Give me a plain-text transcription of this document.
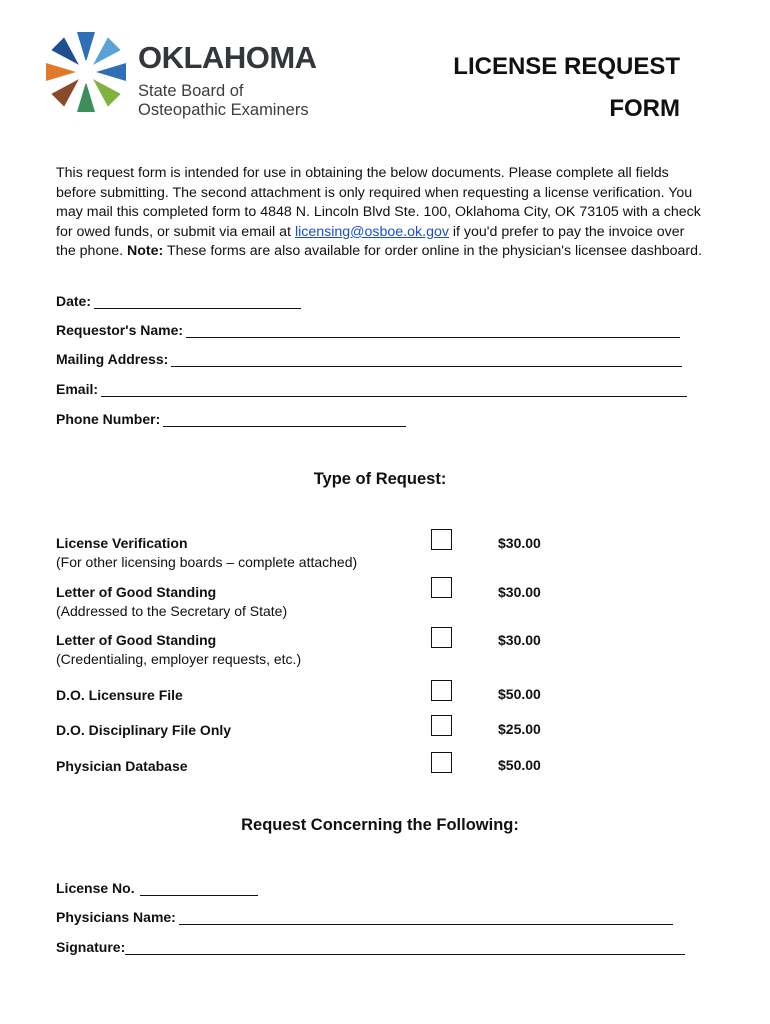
OKLAHOMA
State Board of
Osteopathic Examiners
LICENSE REQUEST
FORM
This request form is intended for use in obtaining the below documents. Please complete all fields before submitting. The second attachment is only required when requesting a license verification. You may mail this completed form to 4848 N. Lincoln Blvd Ste. 100, Oklahoma City, OK 73105 with a check for owed funds, or submit via email at licensing@osboe.ok.gov if you'd prefer to pay the invoice over the phone. Note: These forms are also available for order online in the physician's licensee dashboard.
Date:
Requestor's Name:
Mailing Address:
Email:
Phone Number:
Type of Request:
License Verification
(For other licensing boards – complete attached)
$30.00
Letter of Good Standing
(Addressed to the Secretary of State)
$30.00
Letter of Good Standing
(Credentialing, employer requests, etc.)
$30.00
D.O. Licensure File	$50.00
D.O. Disciplinary File Only	$25.00
Physician Database	$50.00
Request Concerning the Following:
License No.
Physicians Name:
Signature:
